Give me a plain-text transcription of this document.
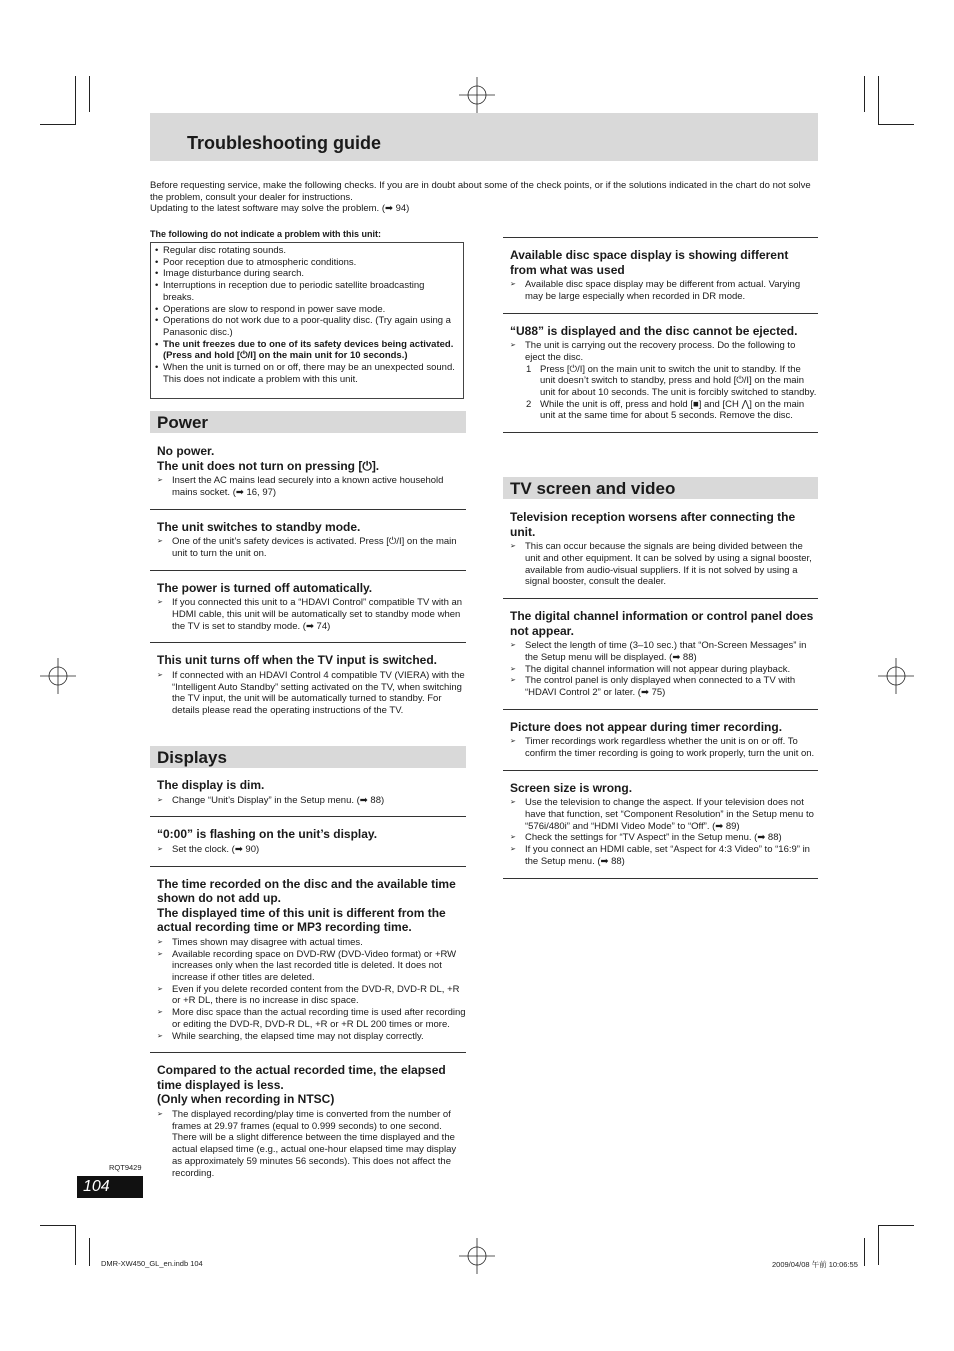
Troubleshooting guide

Before requesting service, make the following checks. If you are in doubt about some of the check points, or if the solutions indicated in the chart do not solve the problem, consult your dealer for instructions.

Updating to the latest software may solve the problem. (➡ 94)

The following do not indicate a problem with this unit:
• Regular disc rotating sounds.
• Poor reception due to atmospheric conditions.
• Image disturbance during search.
• Interruptions in reception due to periodic satellite broadcasting breaks.
• Operations are slow to respond in power save mode.
• Operations do not work due to a poor-quality disc. (Try again using a Panasonic disc.)
• The unit freezes due to one of its safety devices being activated. (Press and hold [⏻/I] on the main unit for 10 seconds.)
• When the unit is turned on or off, there may be an unexpected sound. This does not indicate a problem with this unit.
Power

No power.
The unit does not turn on pressing [⏻].

➢ Insert the AC mains lead securely into a known active household mains socket. (➡ 16, 97)

The unit switches to standby mode.

➢ One of the unit’s safety devices is activated. Press [⏻/I] on the main unit to turn the unit on.

The power is turned off automatically.

➢ If you connected this unit to a “HDAVI Control” compatible TV with an HDMI cable, this unit will be automatically set to standby mode when the TV is set to standby mode. (➡ 74)

This unit turns off when the TV input is switched.

➢ If connected with an HDAVI Control 4 compatible TV (VIERA) with the “Intelligent Auto Standby” setting activated on the TV, when switching the TV input, the unit will be automatically turned to standby. For details please read the operating instructions of the TV.
Displays

The display is dim.

➢ Change “Unit’s Display” in the Setup menu. (➡ 88)

“0:00” is flashing on the unit’s display.

➢ Set the clock. (➡ 90)

The time recorded on the disc and the available time shown do not add up.
The displayed time of this unit is different from the actual recording time or MP3 recording time.

➢ Times shown may disagree with actual times.
➢ Available recording space on DVD-RW (DVD-Video format) or +RW increases only when the last recorded title is deleted. It does not increase if other titles are deleted.
➢ Even if you delete recorded content from the DVD-R, DVD-R DL, +R or +R DL, there is no increase in disc space.
➢ More disc space than the actual recording time is used after recording or editing the DVD-R, DVD-R DL, +R or +R DL 200 times or more.
➢ While searching, the elapsed time may not display correctly.

Compared to the actual recorded time, the elapsed time displayed is less.
(Only when recording in NTSC)

➢ The displayed recording/play time is converted from the number of frames at 29.97 frames (equal to 0.999 seconds) to one second. There will be a slight difference between the time displayed and the actual elapsed time (e.g., actual one-hour elapsed time may display as approximately 59 minutes 56 seconds). This does not affect the recording.

Available disc space display is showing different from what was used

➢ Available disc space display may be different from actual. Varying may be large especially when recorded in DR mode.

“U88” is displayed and the disc cannot be ejected.

➢ The unit is carrying out the recovery process. Do the following to eject the disc.
1 Press [⏻/I] on the main unit to switch the unit to standby. If the unit doesn’t switch to standby, press and hold [⏻/I] on the main unit for about 10 seconds. The unit is forcibly switched to standby.
2 While the unit is off, press and hold [■] and [CH ⋀] on the main unit at the same time for about 5 seconds. Remove the disc.
TV screen and video

Television reception worsens after connecting the unit.

➢ This can occur because the signals are being divided between the unit and other equipment. It can be solved by using a signal booster, available from audio-visual suppliers. If it is not solved by using a signal booster, consult the dealer.

The digital channel information or control panel does not appear.

➢ Select the length of time (3–10 sec.) that “On-Screen Messages” in the Setup menu will be displayed. (➡ 88)
➢ The digital channel information will not appear during playback.
➢ The control panel is only displayed when connected to a TV with “HDAVI Control 2” or later. (➡ 75)

Picture does not appear during timer recording.

➢ Timer recordings work regardless whether the unit is on or off. To confirm the timer recording is going to work properly, turn the unit on.

Screen size is wrong.

➢ Use the television to change the aspect. If your television does not have that function, set “Component Resolution” in the Setup menu to “576i/480i” and “HDMI Video Mode” to “Off”. (➡ 89)
➢ Check the settings for “TV Aspect” in the Setup menu. (➡ 88)
➢ If you connect an HDMI cable, set “Aspect for 4:3 Video” to “16:9” in the Setup menu. (➡ 88)
RQT9429
104
DMR-XW450_GL_en.indb 104	2009/04/08 午前 10:06:55
